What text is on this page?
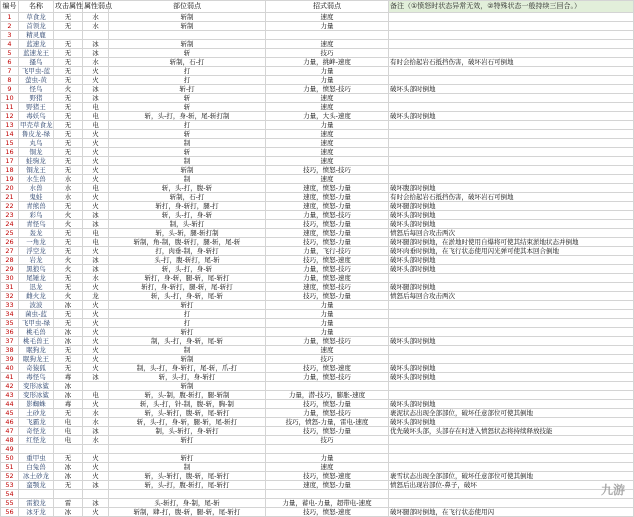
编号	名称	攻击属性	属性弱点	部位弱点	招式弱点	备注（①愤怒时状态异常无效，②特殊状态一般持续三回合。）
1	草食龙	无	水	斩制	速度	
2	首领龙	无	水	斩制	力量	
3	精灵鹿					
4	蓝速龙	无	冰	斩制	速度	
5	蓝速龙王	无	冰	斩	技巧	
6	搔鸟	无	水	斩制，石-打	力量，挑衅-速度	有时会拾起岩石抵挡伤害，破坏岩石可倒地
7	飞甲虫-蓝	无	火	打	力量	
8	萤虫-黄	无	火	打	力量	
9	怪鸟	火	冰	斩-打	力量，愤怒-技巧	破坏头部时倒地
10	野猪	无	冰	斩	速度	
11	野猪王	无	电	斩	速度	
12	毒妖鸟	无	电	斩，头-打，身-斩，尾-斩打制	力量，大头-速度	破坏头部时倒地
13	甲壳草食龙	无	电	打	力量	
14	鲁皮龙-绿	无	火	斩	速度	
15	丸鸟	无	火	制	速度	
16	铜龙	无	火	斩	速度	
17	蛙驹龙	无	火	制	速度	
18	铜龙王	无	火	斩制	技巧，愤怒-技巧	
19	水生兽	水	火	制	速度	
20	水兽	水	电	斩，头-打，腹-斩	速度，愤怒-力量	破坏腹部时倒地
21	鬼蛙	水	火	斩制，石-打	速度，愤怒-力量	有时会拾起岩石抵挡伤害，破坏岩石可倒地
22	青熊兽	无	火	斩打，身-斩打，腿-打	速度，愤怒-力量	破坏腿部时倒地
23	彩鸟	火	冰	斩，头-打，身-斩	力量，愤怒-技巧	破坏头部时倒地
24	青怪鸟	火	冰	制，头-斩打	技巧，愤怒-力量	破坏头部时倒地
25	轰龙	无	电	斩，头-斩，腿-斩打制	速度，愤怒-力量	愤怒后每回合攻击两次
26	一角龙	无	电	斩制，角-制，腹-斩打，腿-斩，尾-斩	技巧，愤怒-力量	破坏腿部时倒地，在淤地时使用自爆将可使其结束淤地状态并倒地
27	浮空龙	无	火	打，肉垂-制，身-斩打	力量，飞行-技巧	破坏肉垂时倒地，在飞行状态使用闪光弹可使其本回合倒地
28	岩龙	火	冰	头-打，腹-斩打，尾-斩	技巧，愤怒-速度	破坏头部时倒地
29	黑狼鸟	火	冰	斩，头-打，身-斩	力量，愤怒-技巧	破坏头部时倒地
30	尾锤龙	无	水	斩打，身-斩，腿-斩，尾-斩打	力量，愤怒-速度	
31	迅龙	无	火	斩打，身-斩打，腿-斩，尾-斩打	速度，愤怒-技巧	破坏腿部时倒地
32	雌火龙	火	龙	斩，头-打，身-斩，尾-斩	技巧，愤怒-力量	愤怒后每回合攻击两次
33	波波	冰	火	斩打	力量	
34	菌虫-蓝	无	火	打	力量	
35	飞甲虫-绿	无	火	打	力量	
36	桃毛兽	冰	火	斩打	力量	
37	桃毛兽王	冰	火	制，头-打，身-斩，尾-斩	力量，愤怒-技巧	破坏头部时倒地
38	眠狗龙	无	火	制	速度	
39	眠狗龙王	无	火	斩制	技巧	
40	奇猿狐	无	火	制，头-打，身-斩打，尾-斩，爪-打	技巧，愤怒-速度	破坏头部时倒地
41	毒怪鸟	毒	冰	斩，头-打，身-斩打	力量，愤怒-技巧	破坏头部时倒地
42	变形冰鲨	冰		斩制		
43	变形冰鲨	冰	电	斩，头-制，腹-斩打，腿-斩制	力量，潜-技巧，膨胀-速度	
44	影蜘蛛	毒	火	斩，头-打，针-制，腹-斩，胸-制	技巧，愤怒-力量	破坏头部时倒地
45	土砂龙	无	水	斩，头-斩打，腹-斩，尾-斩打	力量，愤怒-技巧	裹泥状态出现全部部位，破坏任意部位可使其倒地
46	飞霸龙	电	水	斩，头-打，身-斩，腿-斩，尾-斩打	技巧，愤怒-力量，雷电-速度	破坏头部时倒地
47	奇怪龙	电	冰	制，头-斩打，身-斩打	技巧，愤怒-力量	优先破坏头部，头部存在时进入愤怒状态将持续释放技能
48	红怪龙	电	水	斩打	技巧	
49						
50	重甲虫	无	火	斩打	力量	
51	白兔兽	冰	火	制	速度	
52	冰土砂龙	冰	火	斩，头-斩打，腹-斩，尾-斩打	技巧，愤怒-速度	裹雪状态出现全部部位，破坏任意部位可使其倒地
53	蛮颚龙	无	冰	斩，头-打，腹-斩打，尾-斩打	速度，愤怒-力量	愤怒后出现岩部位-鼻子，破坏
54						
55	雷狼龙	雷	冰	头-斩打，身-制，尾-斩	力量，蓄电-力量，超带电-速度	
56	冰牙龙	冰	火	斩制，肆-打，腹-斩，腿-斩，尾-斩打	技巧，愤怒-速度	破坏腿部时倒地，在飞行状态使用闪
九游
